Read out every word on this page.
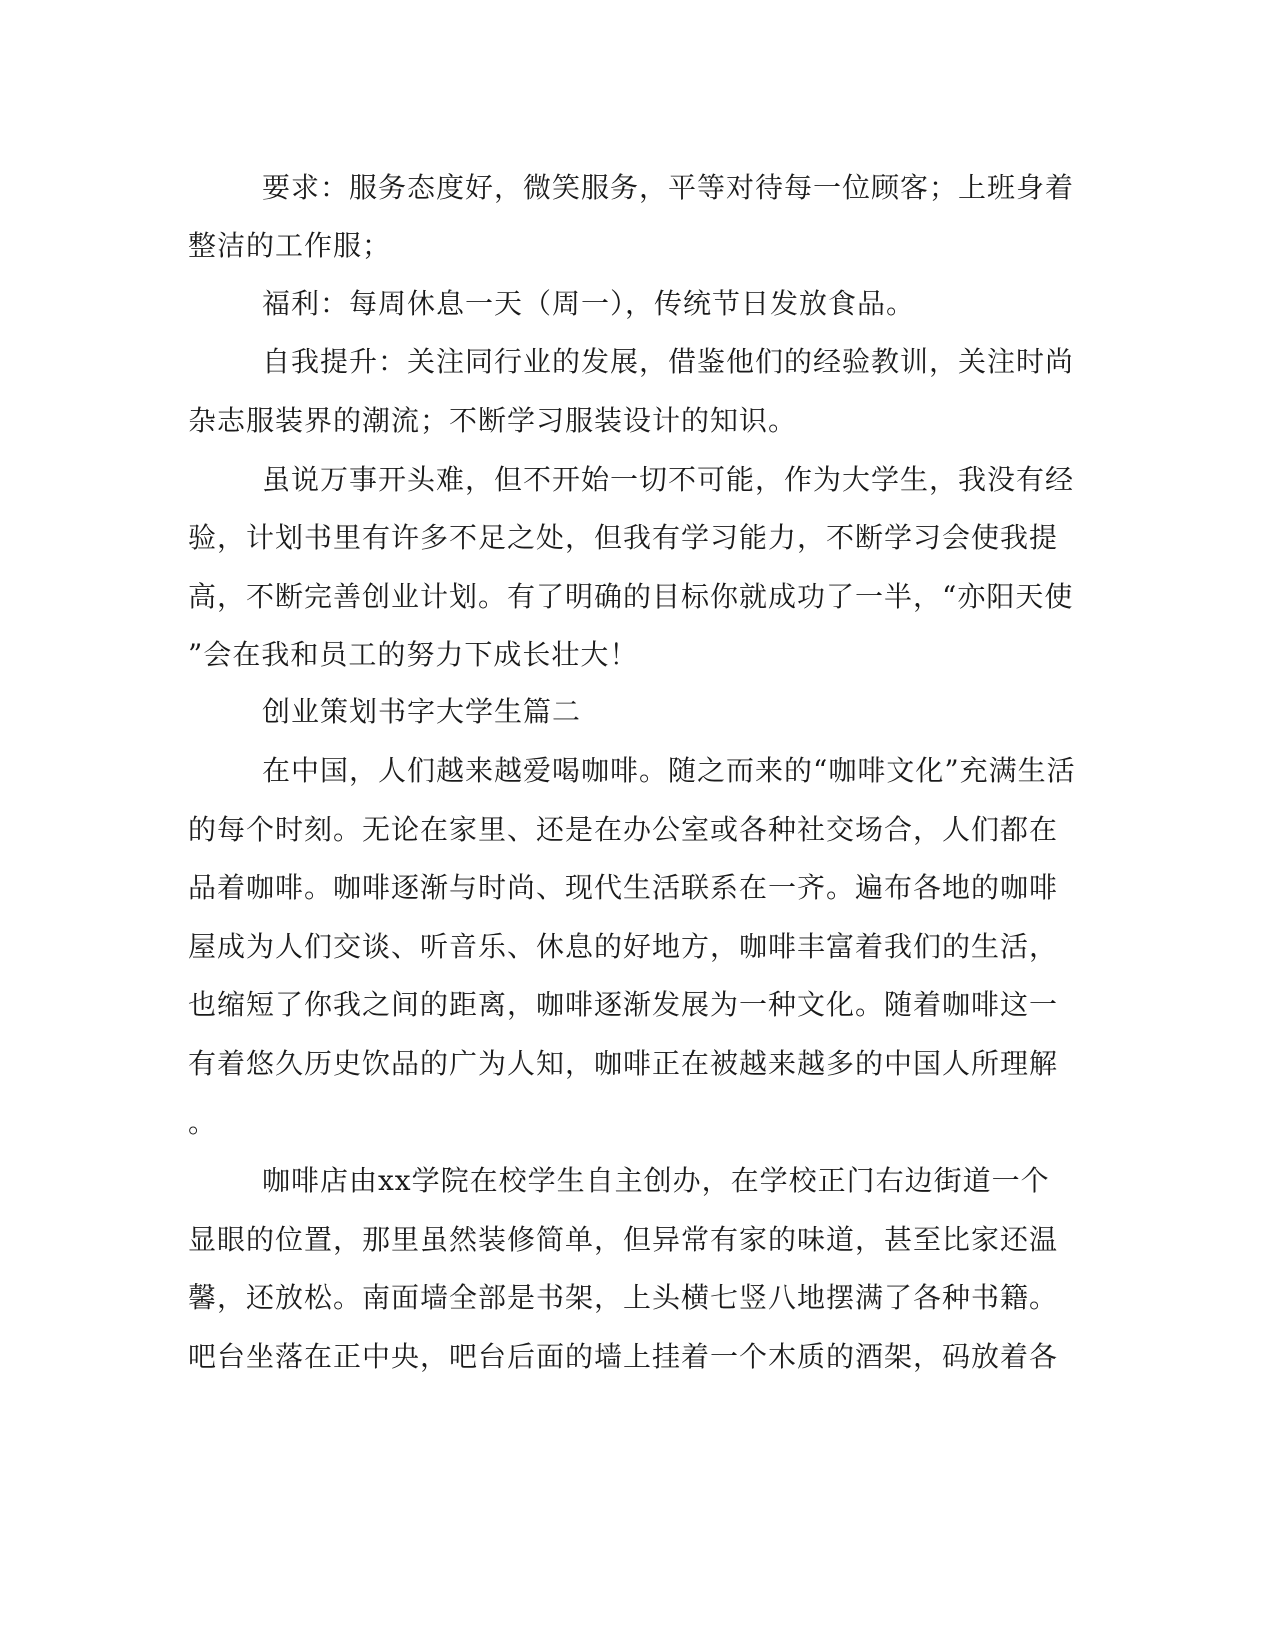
要求：服务态度好，微笑服务，平等对待每一位顾客；上班身着

整洁的工作服；

福利：每周休息一天（周一），传统节日发放食品。

自我提升：关注同行业的发展，借鉴他们的经验教训，关注时尚

杂志服装界的潮流；不断学习服装设计的知识。

虽说万事开头难，但不开始一切不可能，作为大学生，我没有经

验，计划书里有许多不足之处，但我有学习能力，不断学习会使我提

高，不断完善创业计划。有了明确的目标你就成功了一半，“亦阳天使

”会在我和员工的努力下成长壮大！

创业策划书字大学生篇二

在中国，人们越来越爱喝咖啡。随之而来的“咖啡文化”充满生活

的每个时刻。无论在家里、还是在办公室或各种社交场合，人们都在

品着咖啡。咖啡逐渐与时尚、现代生活联系在一齐。遍布各地的咖啡

屋成为人们交谈、听音乐、休息的好地方，咖啡丰富着我们的生活，

也缩短了你我之间的距离，咖啡逐渐发展为一种文化。随着咖啡这一

有着悠久历史饮品的广为人知，咖啡正在被越来越多的中国人所理解

。

咖啡店由xx学院在校学生自主创办，在学校正门右边街道一个

显眼的位置，那里虽然装修简单，但异常有家的味道，甚至比家还温

馨，还放松。南面墙全部是书架，上头横七竖八地摆满了各种书籍。

吧台坐落在正中央，吧台后面的墙上挂着一个木质的酒架，码放着各
